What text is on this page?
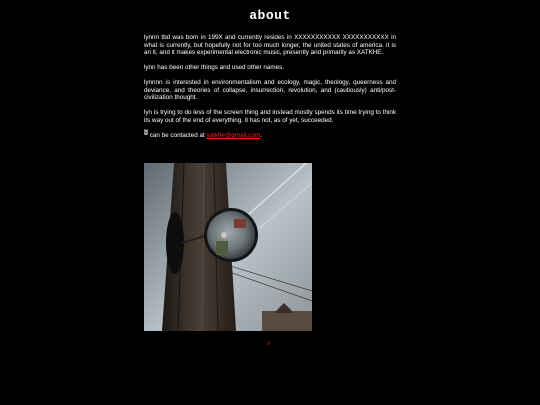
about

lynnn tbd was born in 199X and currently resides in XXXXXXXXXXX XXXXXXXXXXX in what is currently, but hopefully not for too much longer, the united states of america. it is an it, and it makes experimental electronic music, presently and primarily as XATKHE.

lynn has been other things and used other names.

lynnnn is interested in environmentalism and ecology, magic, theology, queerness and deviance, and theories of collapse, insurrection, revolution, and (cautiously) anti/post-civilization thought.

lyn is trying to do less of the screen thing and instead mostly spends its time trying to think its way out of the end of everything. it has not, as of yet, succeeded.

ʬ can be contacted at xatkhe@gmail.com.

a
